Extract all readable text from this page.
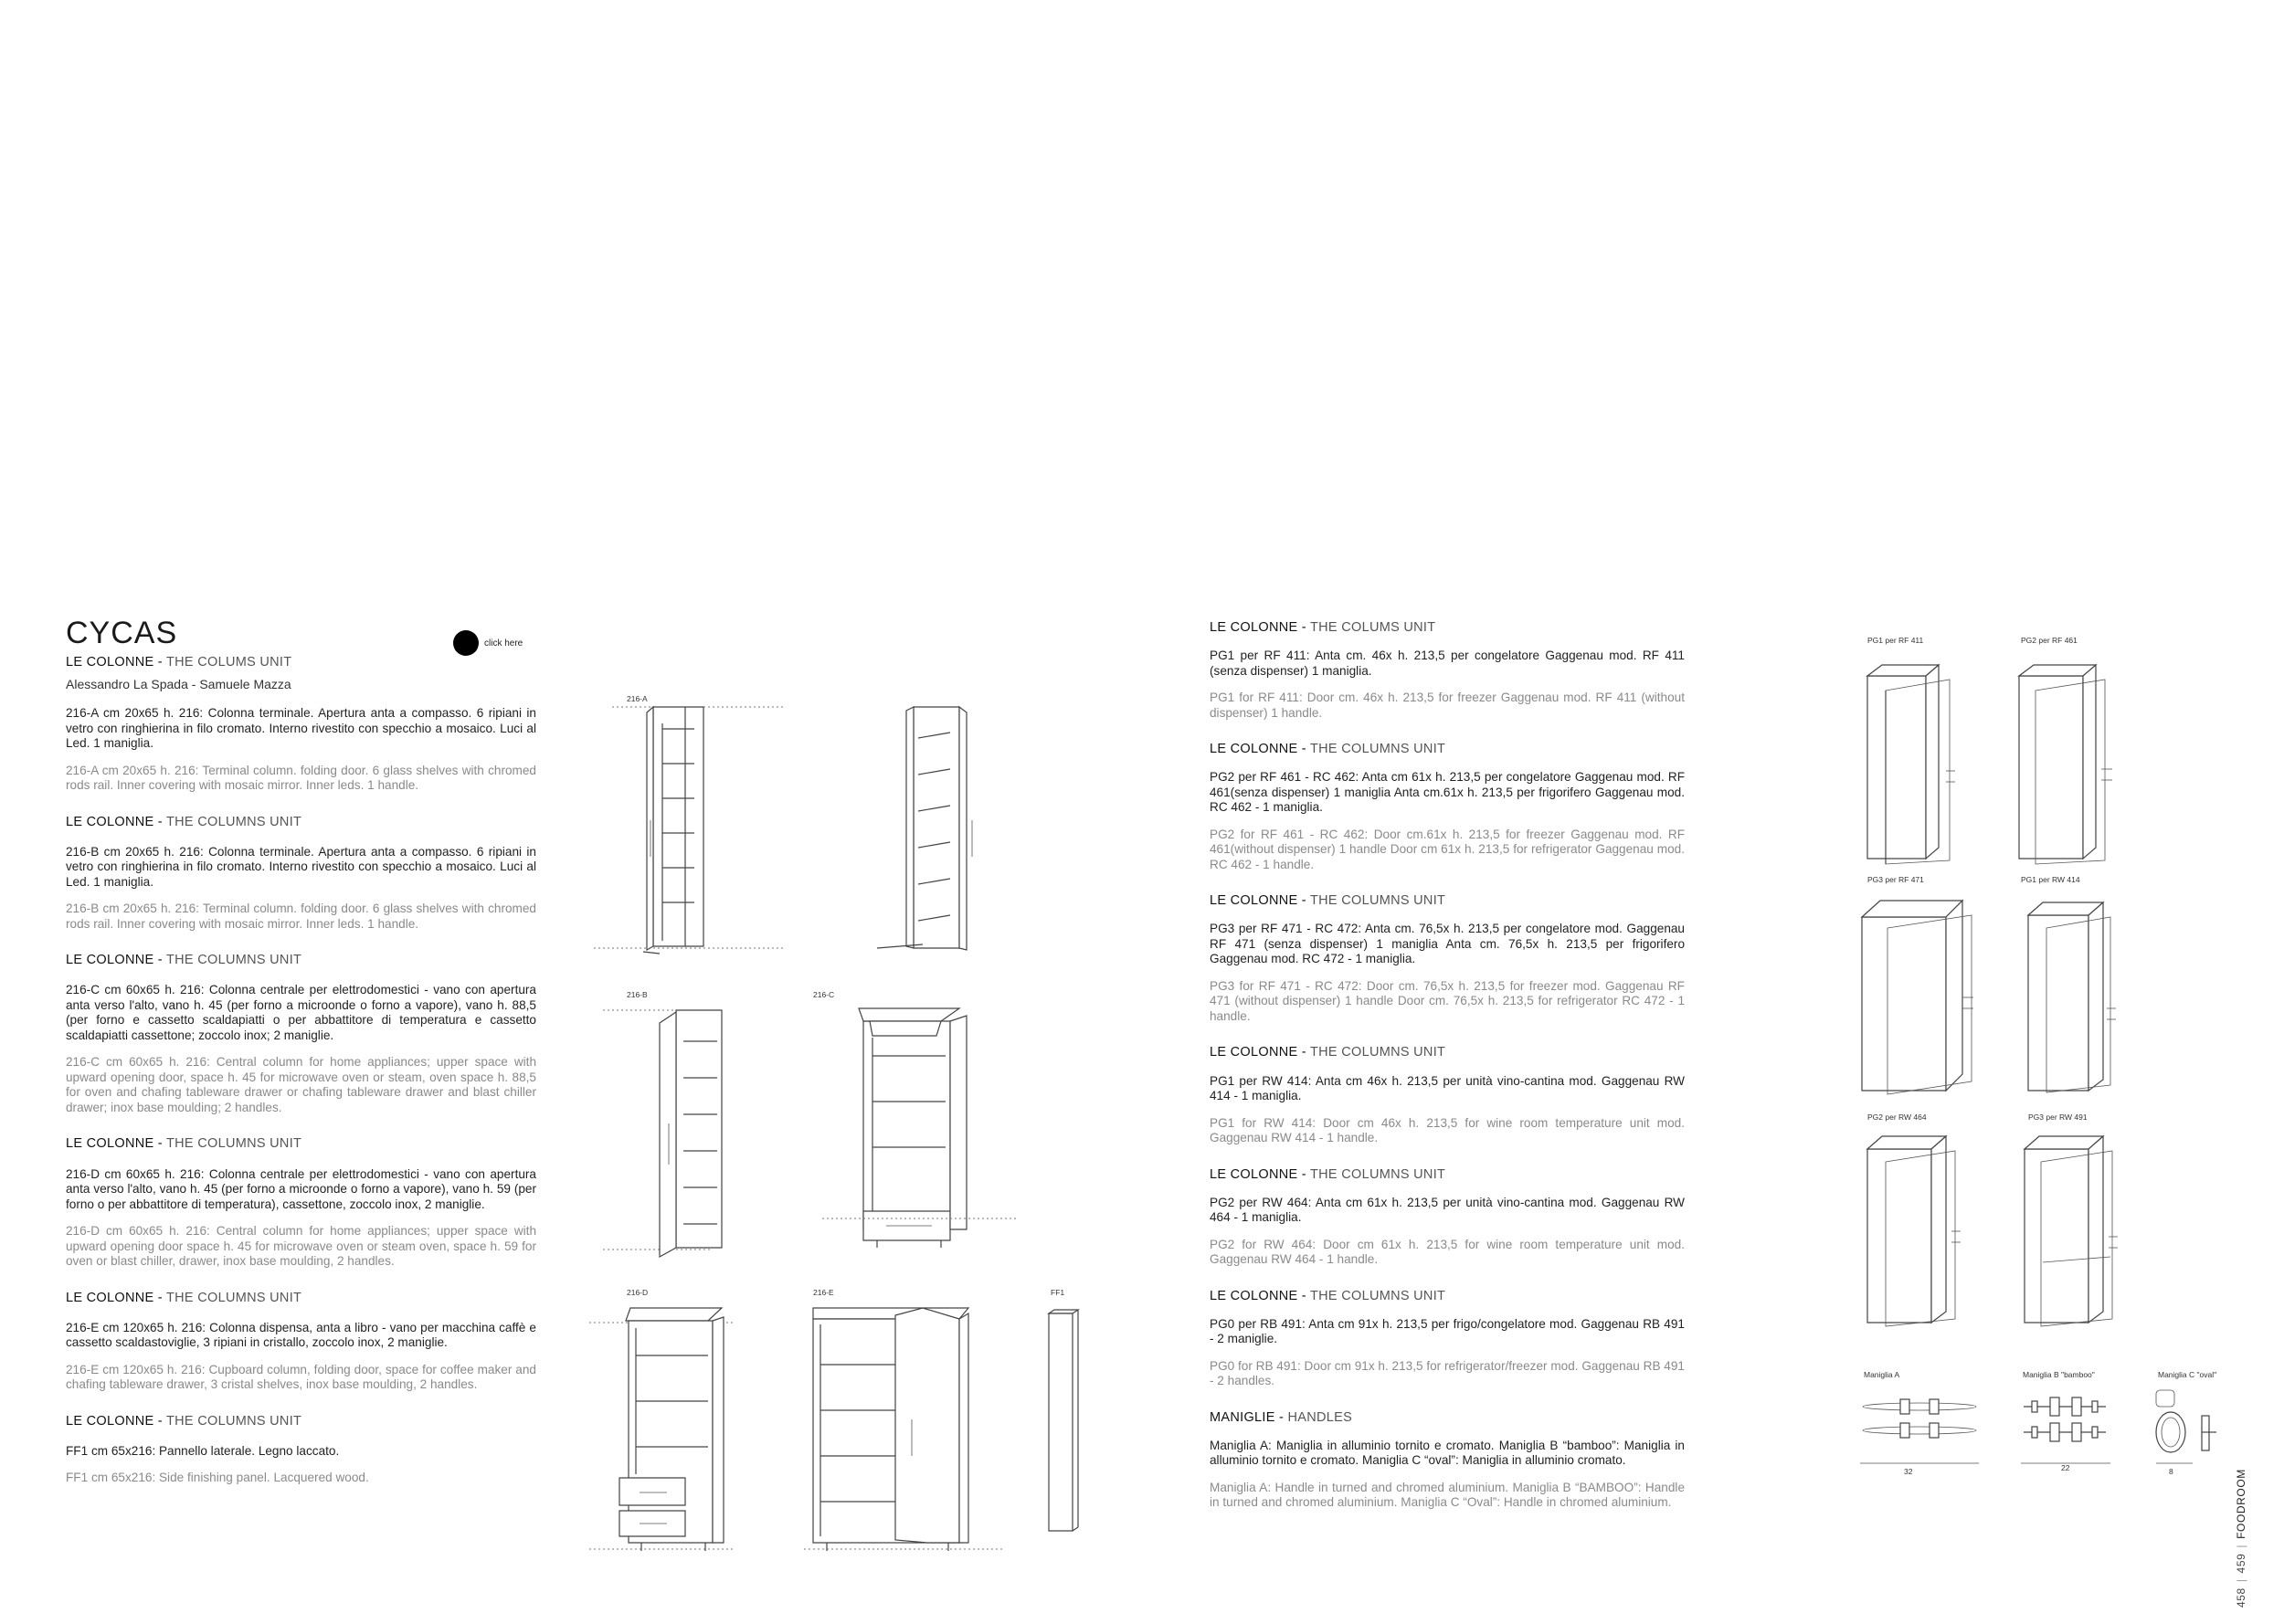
CYCAS

LE COLONNE - THE COLUMS UNIT

Alessandro La Spada - Samuele Mazza

216-A cm 20x65 h. 216: Colonna terminale. Apertura anta a compasso. 6 ripiani in vetro con ringhierina in filo cromato. Interno rivestito con specchio a mosaico. Luci al Led. 1 maniglia.

216-A cm 20x65 h. 216: Terminal column. folding door. 6 glass shelves with chromed rods rail. Inner covering with mosaic mirror. Inner leds. 1 handle.

LE COLONNE - THE COLUMNS UNIT

216-B cm 20x65 h. 216: Colonna terminale. Apertura anta a compasso. 6 ripiani in vetro con ringhierina in filo cromato. Interno rivestito con specchio a mosaico. Luci al Led. 1 maniglia.

216-B cm 20x65 h. 216: Terminal column. folding door. 6 glass shelves with chromed rods rail. Inner covering with mosaic mirror. Inner leds. 1 handle.

LE COLONNE - THE COLUMNS UNIT

216-C cm 60x65 h. 216: Colonna centrale per elettrodomestici - vano con apertura anta verso l'alto, vano h. 45 (per forno a microonde o forno a vapore), vano h. 88,5 (per forno e cassetto scaldapiatti o per abbattitore di temperatura e cassetto scaldapiatti cassettone; zoccolo inox; 2 maniglie.

216-C cm 60x65 h. 216: Central column for home appliances; upper space with upward opening door, space h. 45 for microwave oven or steam, oven space h. 88,5 for oven and chafing tableware drawer or chafing tableware drawer and blast chiller drawer; inox base moulding; 2 handles.

LE COLONNE - THE COLUMNS UNIT

216-D cm 60x65 h. 216: Colonna centrale per elettrodomestici - vano con apertura anta verso l'alto, vano h. 45 (per forno a microonde o forno a vapore), vano h. 59 (per forno o per abbattitore di temperatura), cassettone, zoccolo inox, 2 maniglie.

216-D cm 60x65 h. 216: Central column for home appliances; upper space with upward opening door space h. 45 for microwave oven or steam oven, space h. 59 for oven or blast chiller, drawer, inox base moulding, 2 handles.

LE COLONNE - THE COLUMNS UNIT

216-E cm 120x65 h. 216: Colonna dispensa, anta a libro - vano per macchina caffè e cassetto scaldastoviglie, 3 ripiani in cristallo, zoccolo inox, 2 maniglie.

216-E cm 120x65 h. 216: Cupboard column, folding door, space for coffee maker and chafing tableware drawer, 3 cristal shelves, inox base moulding, 2 handles.

LE COLONNE - THE COLUMNS UNIT

FF1 cm 65x216: Pannello laterale. Legno laccato.

FF1 cm 65x216: Side finishing panel. Lacquered wood.

click here
216-A
216-B	216-C
216-D	216-E	FF1

LE COLONNE - THE COLUMS UNIT

PG1 per RF 411: Anta cm. 46x h. 213,5 per congelatore Gaggenau mod. RF 411 (senza dispenser) 1 maniglia.

PG1 for RF 411: Door cm. 46x h. 213,5 for freezer Gaggenau mod. RF 411 (without dispenser) 1 handle.

LE COLONNE - THE COLUMNS UNIT

PG2 per RF 461 - RC 462: Anta cm 61x h. 213,5 per congelatore Gaggenau mod. RF 461(senza dispenser) 1 maniglia Anta cm.61x h. 213,5 per frigorifero Gaggenau mod. RC 462 - 1 maniglia.

PG2 for RF 461 - RC 462: Door cm.61x h. 213,5 for freezer Gaggenau mod. RF 461(without dispenser) 1 handle Door cm 61x h. 213,5 for refrigerator Gaggenau mod. RC 462 - 1 handle.

LE COLONNE - THE COLUMNS UNIT

PG3 per RF 471 - RC 472: Anta cm. 76,5x h. 213,5 per congelatore mod. Gaggenau RF 471 (senza dispenser) 1 maniglia Anta cm. 76,5x h. 213,5 per frigorifero Gaggenau mod. RC 472 - 1 maniglia.

PG3 for RF 471 - RC 472: Door cm. 76,5x h. 213,5 for freezer mod. Gaggenau RF 471 (without dispenser) 1 handle Door cm. 76,5x h. 213,5 for refrigerator RC 472 - 1 handle.

LE COLONNE - THE COLUMNS UNIT

PG1 per RW 414: Anta cm 46x h. 213,5 per unità vino-cantina mod. Gaggenau RW 414 - 1 maniglia.

PG1 for RW 414: Door cm 46x h. 213,5 for wine room temperature unit mod. Gaggenau RW 414 - 1 handle.

LE COLONNE - THE COLUMNS UNIT

PG2 per RW 464: Anta cm 61x h. 213,5 per unità vino-cantina mod. Gaggenau RW 464 - 1 maniglia.

PG2 for RW 464: Door cm 61x h. 213,5 for wine room temperature unit mod. Gaggenau RW 464 - 1 handle.

LE COLONNE - THE COLUMNS UNIT

PG0 per RB 491: Anta cm 91x h. 213,5 per frigo/congelatore mod. Gaggenau RB 491 - 2 maniglie.

PG0 for RB 491: Door cm 91x h. 213,5 for refrigerator/freezer mod. Gaggenau RB 491 - 2 handles.

MANIGLIE - HANDLES

Maniglia A: Maniglia in alluminio tornito e cromato. Maniglia B “bamboo”: Maniglia in alluminio tornito e cromato. Maniglia C “oval”: Maniglia in alluminio cromato.

Maniglia A: Handle in turned and chromed aluminium. Maniglia B “BAMBOO”: Handle in turned and chromed aluminium. Maniglia C “Oval”: Handle in chromed aluminium.

PG1 per RF 411	PG2 per RF 461
PG3 per RF 471	PG1 per RW 414
PG2 per RW 464	PG3 per RW 491
Maniglia A
32
Maniglia B "bamboo"
22
Maniglia C "oval"
8
458|459|FOODROOM
